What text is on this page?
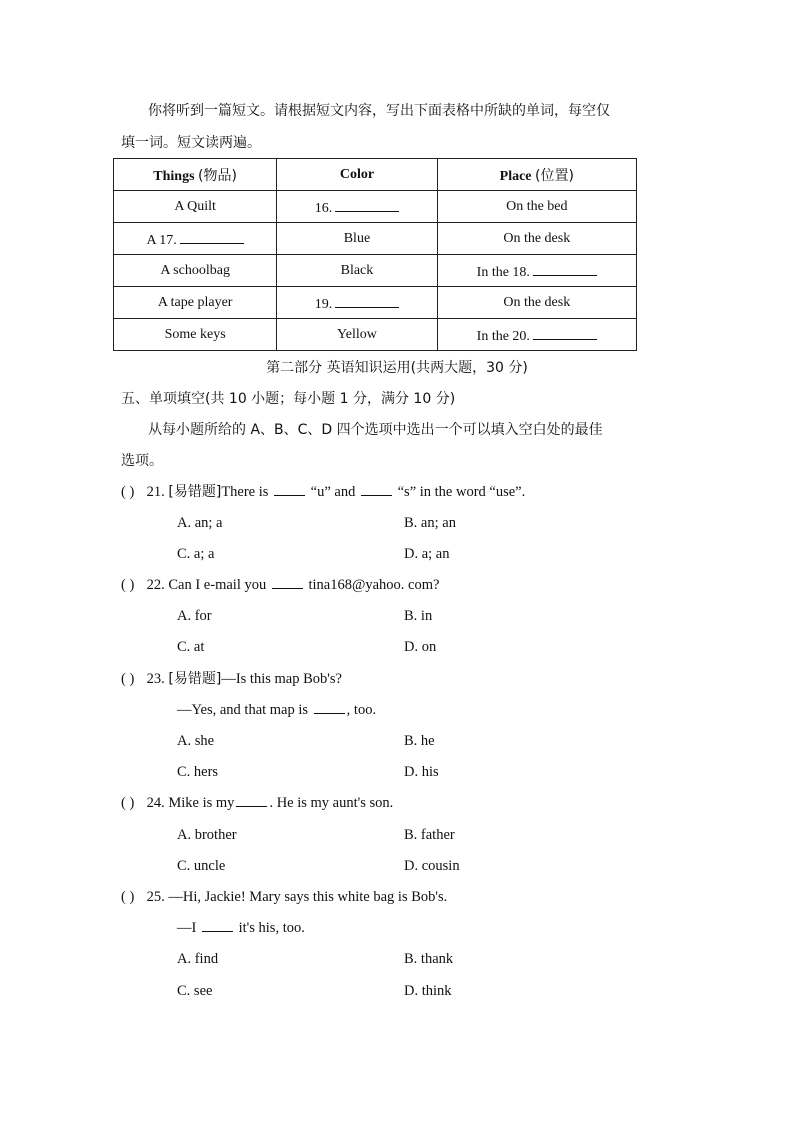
你将听到一篇短文。请根据短文内容，写出下面表格中所缺的单词，每空仅
填一词。短文读两遍。
Things (物品)	Color	Place (位置)
A Quilt	16.	On the bed
A 17.	Blue	On the desk
A schoolbag	Black	In the 18.
A tape player	19.	On the desk
Some keys	Yellow	In the 20.
第二部分 英语知识运用(共两大题，30 分)
五、单项填空(共 10 小题；每小题 1 分，满分 10 分)
从每小题所给的 A、B、C、D 四个选项中选出一个可以填入空白处的最佳
选项。
( ) 21. [易错题]There is	“u” and	“s” in the word “use”.
A. an; a	B. an; an
C. a; a	D. a; an
( ) 22. Can I e-mail you	tina168@yahoo. com?
A. for	B. in
C. at	D. on
( ) 23. [易错题]—Is this map Bob's?
—Yes, and that map is	, too.
A. she	B. he
C. hers	D. his
( ) 24. Mike is my . He is my aunt's son.
A. brother	B. father
C. uncle	D. cousin
( ) 25. —Hi, Jackie! Mary says this white bag is Bob's.
—I	it's his, too.
A. find	B. thank
C. see	D. think
